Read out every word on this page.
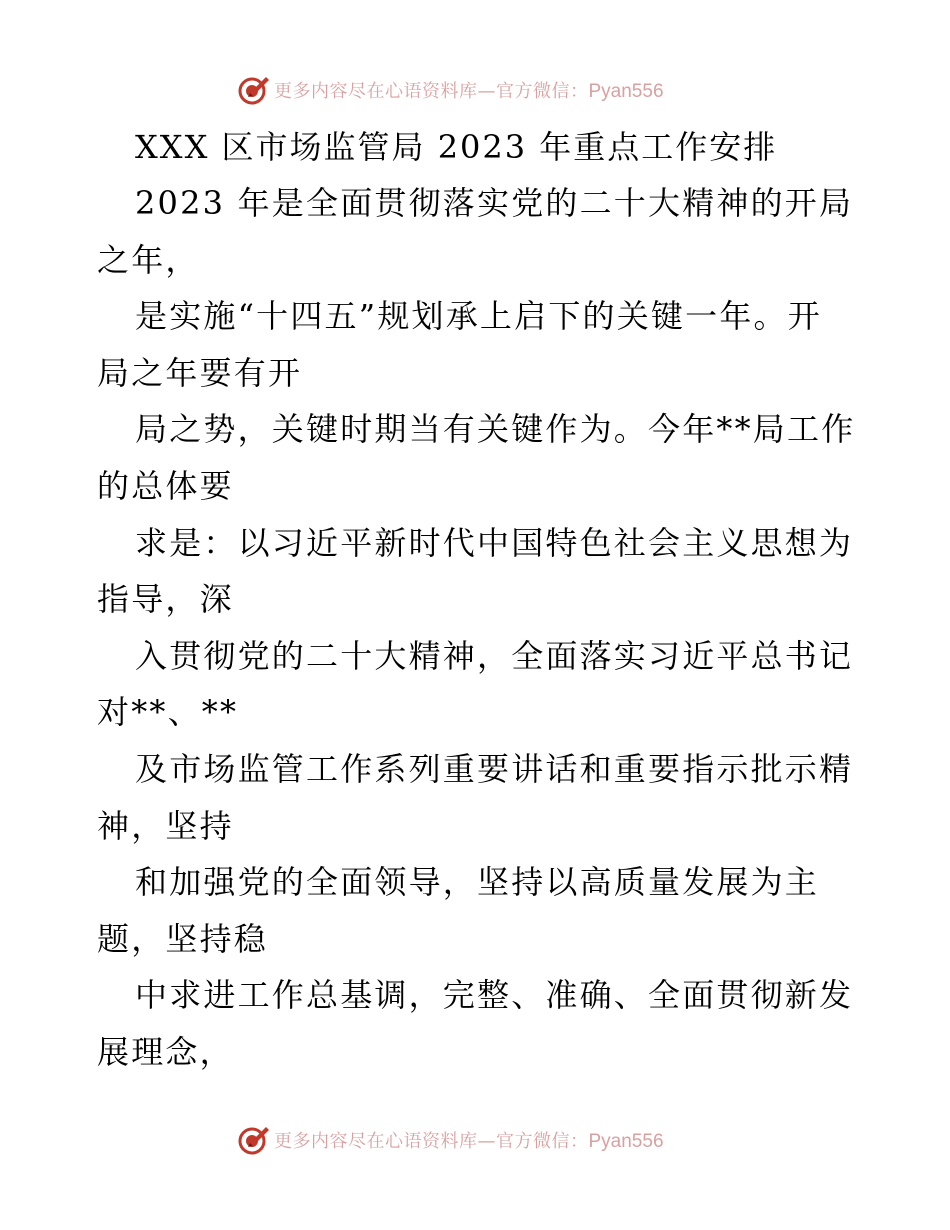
更多内容尽在心语资料库—官方微信：Pyan556
XXX 区市场监管局 2023 年重点工作安排
2023 年是全面贯彻落实党的二十大精神的开局
之年，
是实施“十四五”规划承上启下的关键一年。开
局之年要有开
局之势，关键时期当有关键作为。今年**局工作
的总体要
求是：以习近平新时代中国特色社会主义思想为
指导，深
入贯彻党的二十大精神，全面落实习近平总书记
对**、**
及市场监管工作系列重要讲话和重要指示批示精
神，坚持
和加强党的全面领导，坚持以高质量发展为主
题，坚持稳
中求进工作总基调，完整、准确、全面贯彻新发
展理念，
更多内容尽在心语资料库—官方微信：Pyan556
